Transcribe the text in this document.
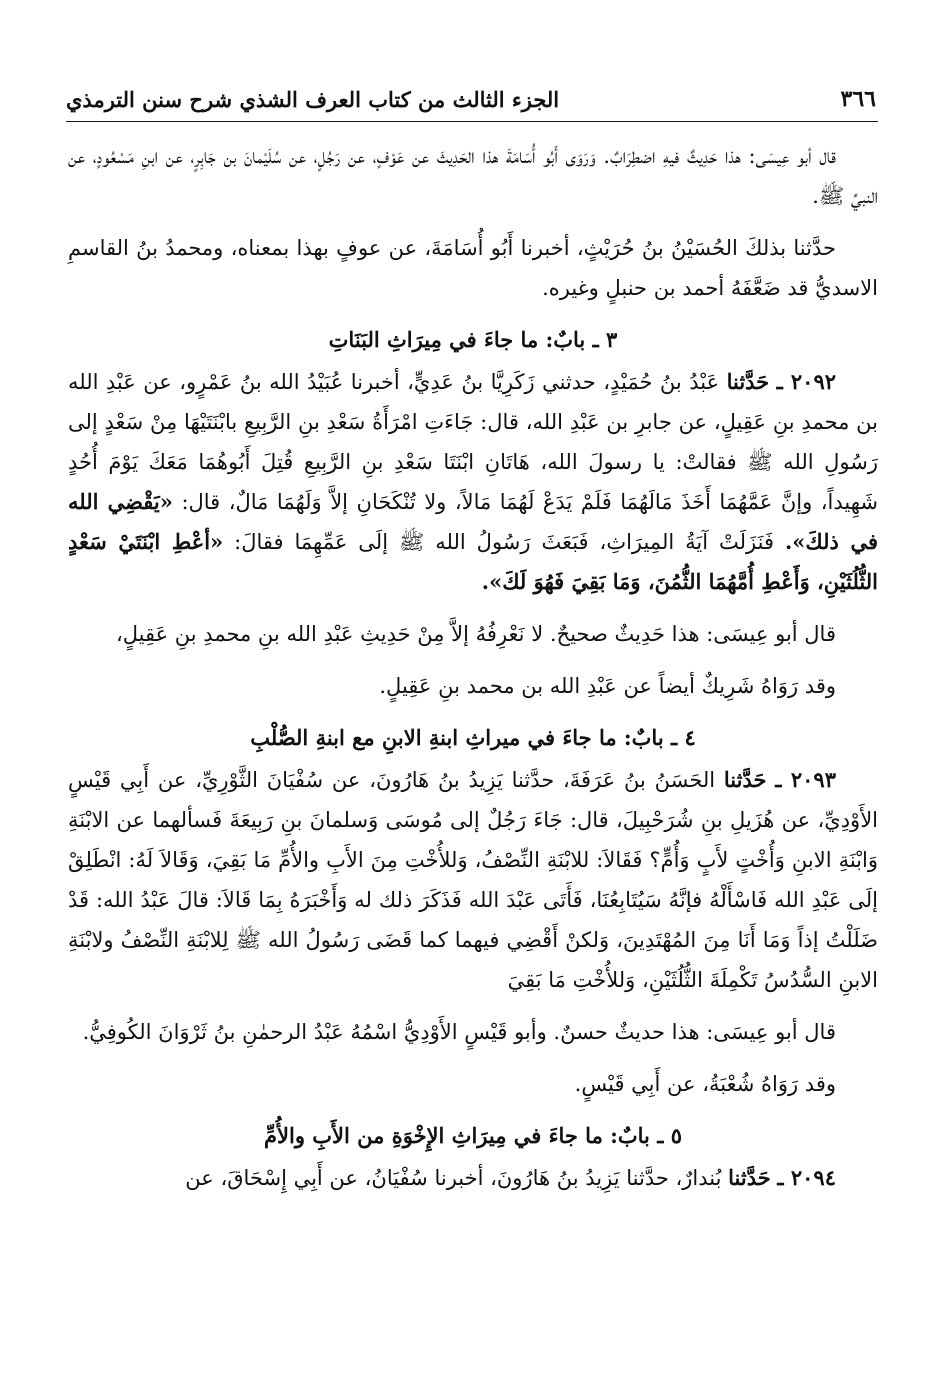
٣٦٦
الجزء الثالث من كتاب العرف الشذي شرح سنن الترمذي

قال أبو عِيسَى: هذا حَدِيثٌ فيهِ اضطِرَابٌ. وَرَوَى أَبُو أُسَامَةَ هذا الحَدِيثَ عن عَوْفٍ، عن رَجُلٍ، عن سُلَيْمانَ بن جَابِرٍ، عن ابنِ مَسْعُودٍ، عن النبيِّ ﷺ.

حدَّثنا بذلكَ الحُسَيْنُ بنُ حُرَيْثٍ، أخبرنا أَبُو أُسَامَةَ، عن عوفٍ بهذا بمعناه، ومحمدُ بنُ القاسمِ الاسديُّ قد ضَعَّفَهُ أحمد بن حنبلٍ وغيره.

٣ ـ بابٌ: ما جاءَ في مِيرَاثِ البَنَاتِ

٢٠٩٢ ـ حَدَّثنا عَبْدُ بنُ حُمَيْدٍ، حدثني زَكَرِيَّا بنُ عَدِيٍّ، أخبرنا عُبَيْدُ الله بنُ عَمْرٍو، عن عَبْدِ الله بن محمدِ بنِ عَقِيلٍ، عن جابرِ بن عَبْدِ الله، قال: جَاءَتِ امْرَأَةُ سَعْدِ بنِ الرَّبِيعِ بابْنَتَيْهَا مِنْ سَعْدٍ إلى رَسُولِ الله ﷺ فقالتْ: يا رسولَ الله، هَاتَانِ ابْنَتَا سَعْدِ بنِ الرَّبِيعِ قُتِلَ أَبُوهُمَا مَعَكَ يَوْمَ أُحُدٍ شَهِيداً، وإنَّ عَمَّهُمَا أَخَذَ مَالَهُمَا فَلَمْ يَدَعْ لَهُمَا مَالاً، ولا تُنْكَحَانِ إلاَّ وَلَهُمَا مَالٌ، قال: «يَقْضِي الله في ذلكَ». فَنَزَلَتْ آيَةُ المِيرَاثِ، فَبَعَثَ رَسُولُ الله ﷺ إلَى عَمِّهِمَا فقالَ: «أعْطِ ابْنَتَيْ سَعْدٍ الثُّلُثَيْنِ، وَأَعْطِ أُمَّهُمَا الثُّمُنَ، وَمَا بَقِيَ فَهُوَ لَكَ».

قال أبو عِيسَى: هذا حَدِيثٌ صحيحٌ. لا نَعْرِفُهُ إلاَّ مِنْ حَدِيثِ عَبْدِ الله بنِ محمدِ بنِ عَقِيلٍ،

وقد رَوَاهُ شَرِيكٌ أيضاً عن عَبْدِ الله بن محمد بنِ عَقِيلٍ.

٤ ـ بابٌ: ما جاءَ في ميراثِ ابنةِ الابنِ مع ابنةِ الصُّلْبِ

٢٠٩٣ ـ حَدَّثنا الحَسَنُ بنُ عَرَفَةَ، حدَّثنا يَزِيدُ بنُ هَارُونَ، عن سُفْيَانَ الثَّوْرِيِّ، عن أَبِي قَيْسٍ الأَوْدِيِّ، عن هُزَيلِ بنِ شُرَحْبِيلَ، قال: جَاءَ رَجُلٌ إلى مُوسَى وَسلمانَ بنِ رَبِيعَةَ فَسألهما عن الابْنَةِ وَابْنَةِ الابنِ وَأُخْتٍ لأَبٍ وَأُمٍّ؟ فَقَالاَ: للابْنَةِ النِّصْفُ، وَللأُخْتِ مِنَ الأَبِ والأُمِّ مَا بَقِيَ، وَقَالاَ لَهُ: انْطَلِقْ إلَى عَبْدِ الله فَاسْأَلْهُ فإنَّهُ سَيُتَابِعُنَا، فَأَتَى عَبْدَ الله فَذَكَرَ ذلك له وَأَخْبَرَهُ بِمَا قَالاَ: قالَ عَبْدُ الله: قَدْ ضَلَلْتُ إذاً وَمَا أَنَا مِنَ المُهْتَدِينَ، وَلكنْ أَقْضِي فيهما كما قَضَى رَسُولُ الله ﷺ لِلابْنَةِ النِّصْفُ ولابْنَةِ الابنِ السُّدُسُ تَكْمِلَةَ الثُّلُثَيْنِ، وَللأُخْتِ مَا بَقِيَ

قال أبو عِيسَى: هذا حديثٌ حسنٌ. وأبو قَيْسٍ الأَوْدِيُّ اسْمُهُ عَبْدُ الرحمٰنِ بنُ ثَرْوَانَ الكُوفِيُّ.

وقد رَوَاهُ شُعْبَةُ، عن أَبِي قَيْسٍ.

٥ ـ بابٌ: ما جاءَ في مِيرَاثِ الإِخْوَةِ من الأَبِ والأُمِّ

٢٠٩٤ ـ حَدَّثنا بُندارٌ، حدَّثنا يَزِيدُ بنُ هَارُونَ، أخبرنا سُفْيَانُ، عن أَبِي إِسْحَاقَ، عن
